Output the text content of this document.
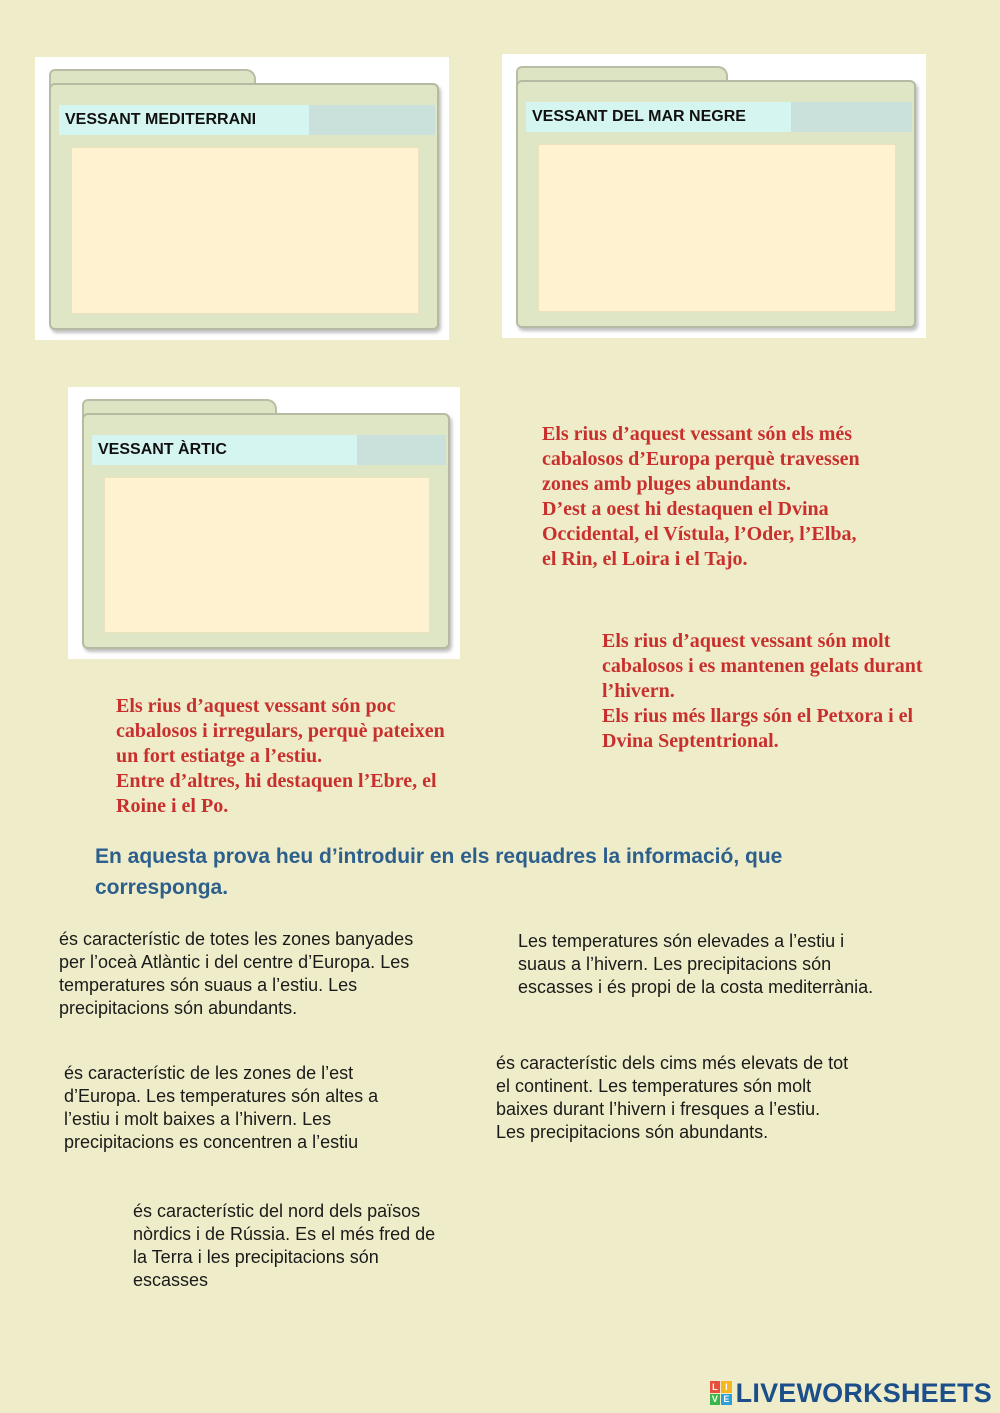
VESSANT MEDITERRANI	VESSANT DEL MAR NEGRE
VESSANT ÀRTIC
Els rius d’aquest vessant són els més
cabalosos d’Europa perquè travessen
zones amb pluges abundants.
D’est a oest hi destaquen el Dvina
Occidental, el Vístula, l’Oder, l’Elba,
el Rin, el Loira i el Tajo.
Els rius d’aquest vessant són molt
cabalosos i es mantenen gelats durant
l’hivern.
Els rius més llargs són el Petxora i el
Dvina Septentrional.
Els rius d’aquest vessant són poc
cabalosos i irregulars, perquè pateixen
un fort estiatge a l’estiu.
Entre d’altres, hi destaquen l’Ebre, el
Roine i el Po.
En aquesta prova heu d’introduir en els requadres la informació, que
corresponga.
és característic de totes les zones banyades
per l’oceà Atlàntic i del centre d’Europa. Les
temperatures són suaus a l’estiu. Les
precipitacions són abundants.
Les temperatures són elevades a l’estiu i
suaus a l’hivern. Les precipitacions són
escasses i és propi de la costa mediterrània.
és característic de les zones de l’est
d’Europa. Les temperatures són altes a
l’estiu i molt baixes a l’hivern. Les
precipitacions es concentren a l’estiu
és característic dels cims més elevats de tot
el continent. Les temperatures són molt
baixes durant l’hivern i fresques a l’estiu.
Les precipitacions són abundants.
és característic del nord dels països
nòrdics i de Rússia. Es el més fred de
la Terra i les precipitacions són
escasses
L I
V E LIVEWORKSHEETS
